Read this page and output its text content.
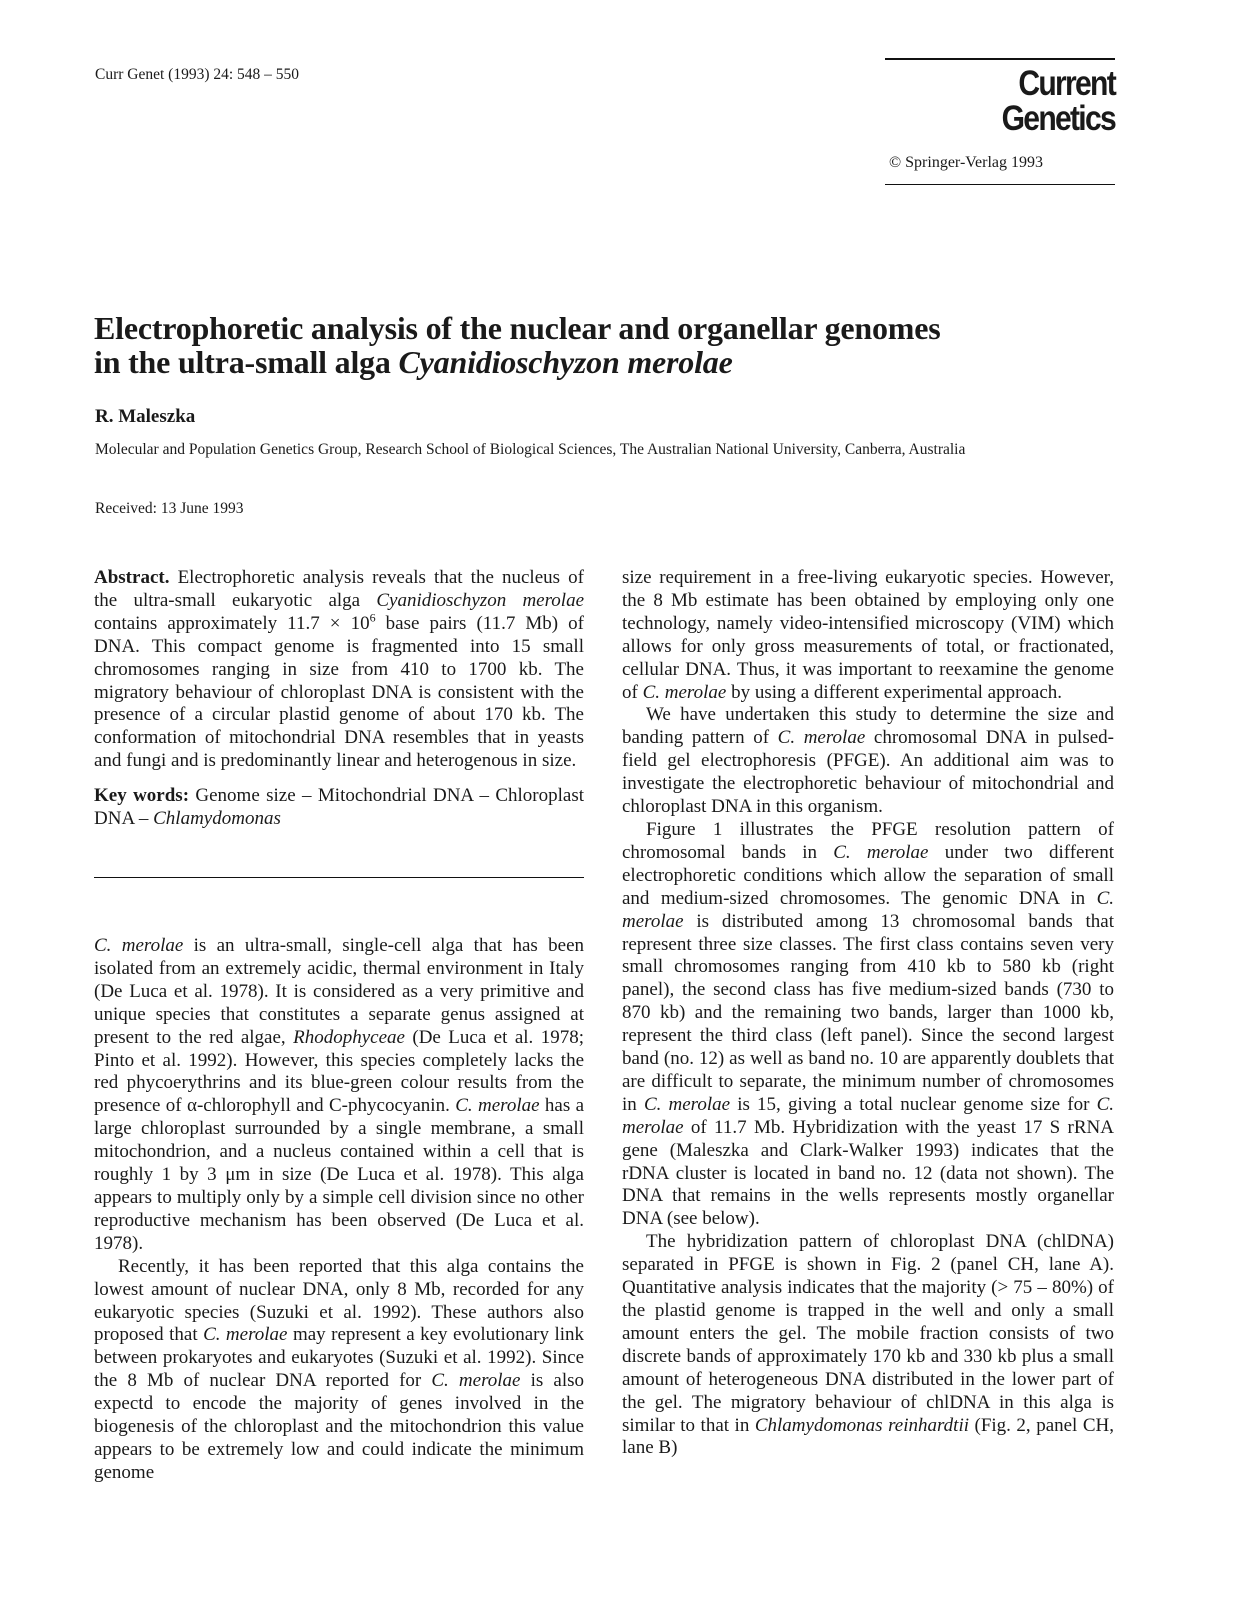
Curr Genet (1993) 24: 548 – 550	Current Genetics
© Springer-Verlag 1993
Electrophoretic analysis of the nuclear and organellar genomes
in the ultra-small alga Cyanidioschyzon merolae
R. Maleszka
Molecular and Population Genetics Group, Research School of Biological Sciences, The Australian National University, Canberra, Australia
Received: 13 June 1993

Abstract. Electrophoretic analysis reveals that the nucleus of the ultra-small eukaryotic alga Cyanidioschyzon merolae contains approximately $11.7 \times 10^6$ base pairs (11.7 Mb) of DNA. This compact genome is fragmented into 15 small chromosomes ranging in size from 410 to 1700 kb. The migratory behaviour of chloroplast DNA is consistent with the presence of a circular plastid genome of about 170 kb. The conformation of mitochondrial DNA resembles that in yeasts and fungi and is predominantly linear and heterogenous in size.

Key words: Genome size – Mitochondrial DNA – Chloroplast DNA – Chlamydomonas

C. merolae is an ultra-small, single-cell alga that has been isolated from an extremely acidic, thermal environment in Italy (De Luca et al. 1978). It is considered as a very primitive and unique species that constitutes a separate genus assigned at present to the red algae, Rhodophyceae (De Luca et al. 1978; Pinto et al. 1992). However, this species completely lacks the red phycoerythrins and its blue-green colour results from the presence of α-chlorophyll and C-phycocyanin. C. merolae has a large chloroplast surrounded by a single membrane, a small mitochondrion, and a nucleus contained within a cell that is roughly 1 by 3 μm in size (De Luca et al. 1978). This alga appears to multiply only by a simple cell division since no other reproductive mechanism has been observed (De Luca et al. 1978).

Recently, it has been reported that this alga contains the lowest amount of nuclear DNA, only 8 Mb, recorded for any eukaryotic species (Suzuki et al. 1992). These authors also proposed that C. merolae may represent a key evolutionary link between prokaryotes and eukaryotes (Suzuki et al. 1992). Since the 8 Mb of nuclear DNA reported for C. merolae is also expectd to encode the majority of genes involved in the biogenesis of the chloroplast and the mitochondrion this value appears to be extremely low and could indicate the minimum genome

size requirement in a free-living eukaryotic species. However, the 8 Mb estimate has been obtained by employing only one technology, namely video-intensified microscopy (VIM) which allows for only gross measurements of total, or fractionated, cellular DNA. Thus, it was important to reexamine the genome of C. merolae by using a different experimental approach.

We have undertaken this study to determine the size and banding pattern of C. merolae chromosomal DNA in pulsed-field gel electrophoresis (PFGE). An additional aim was to investigate the electrophoretic behaviour of mitochondrial and chloroplast DNA in this organism.

Figure 1 illustrates the PFGE resolution pattern of chromosomal bands in C. merolae under two different electrophoretic conditions which allow the separation of small and medium-sized chromosomes. The genomic DNA in C. merolae is distributed among 13 chromosomal bands that represent three size classes. The first class contains seven very small chromosomes ranging from 410 kb to 580 kb (right panel), the second class has five medium-sized bands (730 to 870 kb) and the remaining two bands, larger than 1000 kb, represent the third class (left panel). Since the second largest band (no. 12) as well as band no. 10 are apparently doublets that are difficult to separate, the minimum number of chromosomes in C. merolae is 15, giving a total nuclear genome size for C. merolae of 11.7 Mb. Hybridization with the yeast 17 S rRNA gene (Maleszka and Clark-Walker 1993) indicates that the rDNA cluster is located in band no. 12 (data not shown). The DNA that remains in the wells represents mostly organellar DNA (see below).

The hybridization pattern of chloroplast DNA (chlDNA) separated in PFGE is shown in Fig. 2 (panel CH, lane A). Quantitative analysis indicates that the majority (> 75 – 80%) of the plastid genome is trapped in the well and only a small amount enters the gel. The mobile fraction consists of two discrete bands of approximately 170 kb and 330 kb plus a small amount of heterogeneous DNA distributed in the lower part of the gel. The migratory behaviour of chlDNA in this alga is similar to that in Chlamydomonas reinhardtii (Fig. 2, panel CH, lane B)
